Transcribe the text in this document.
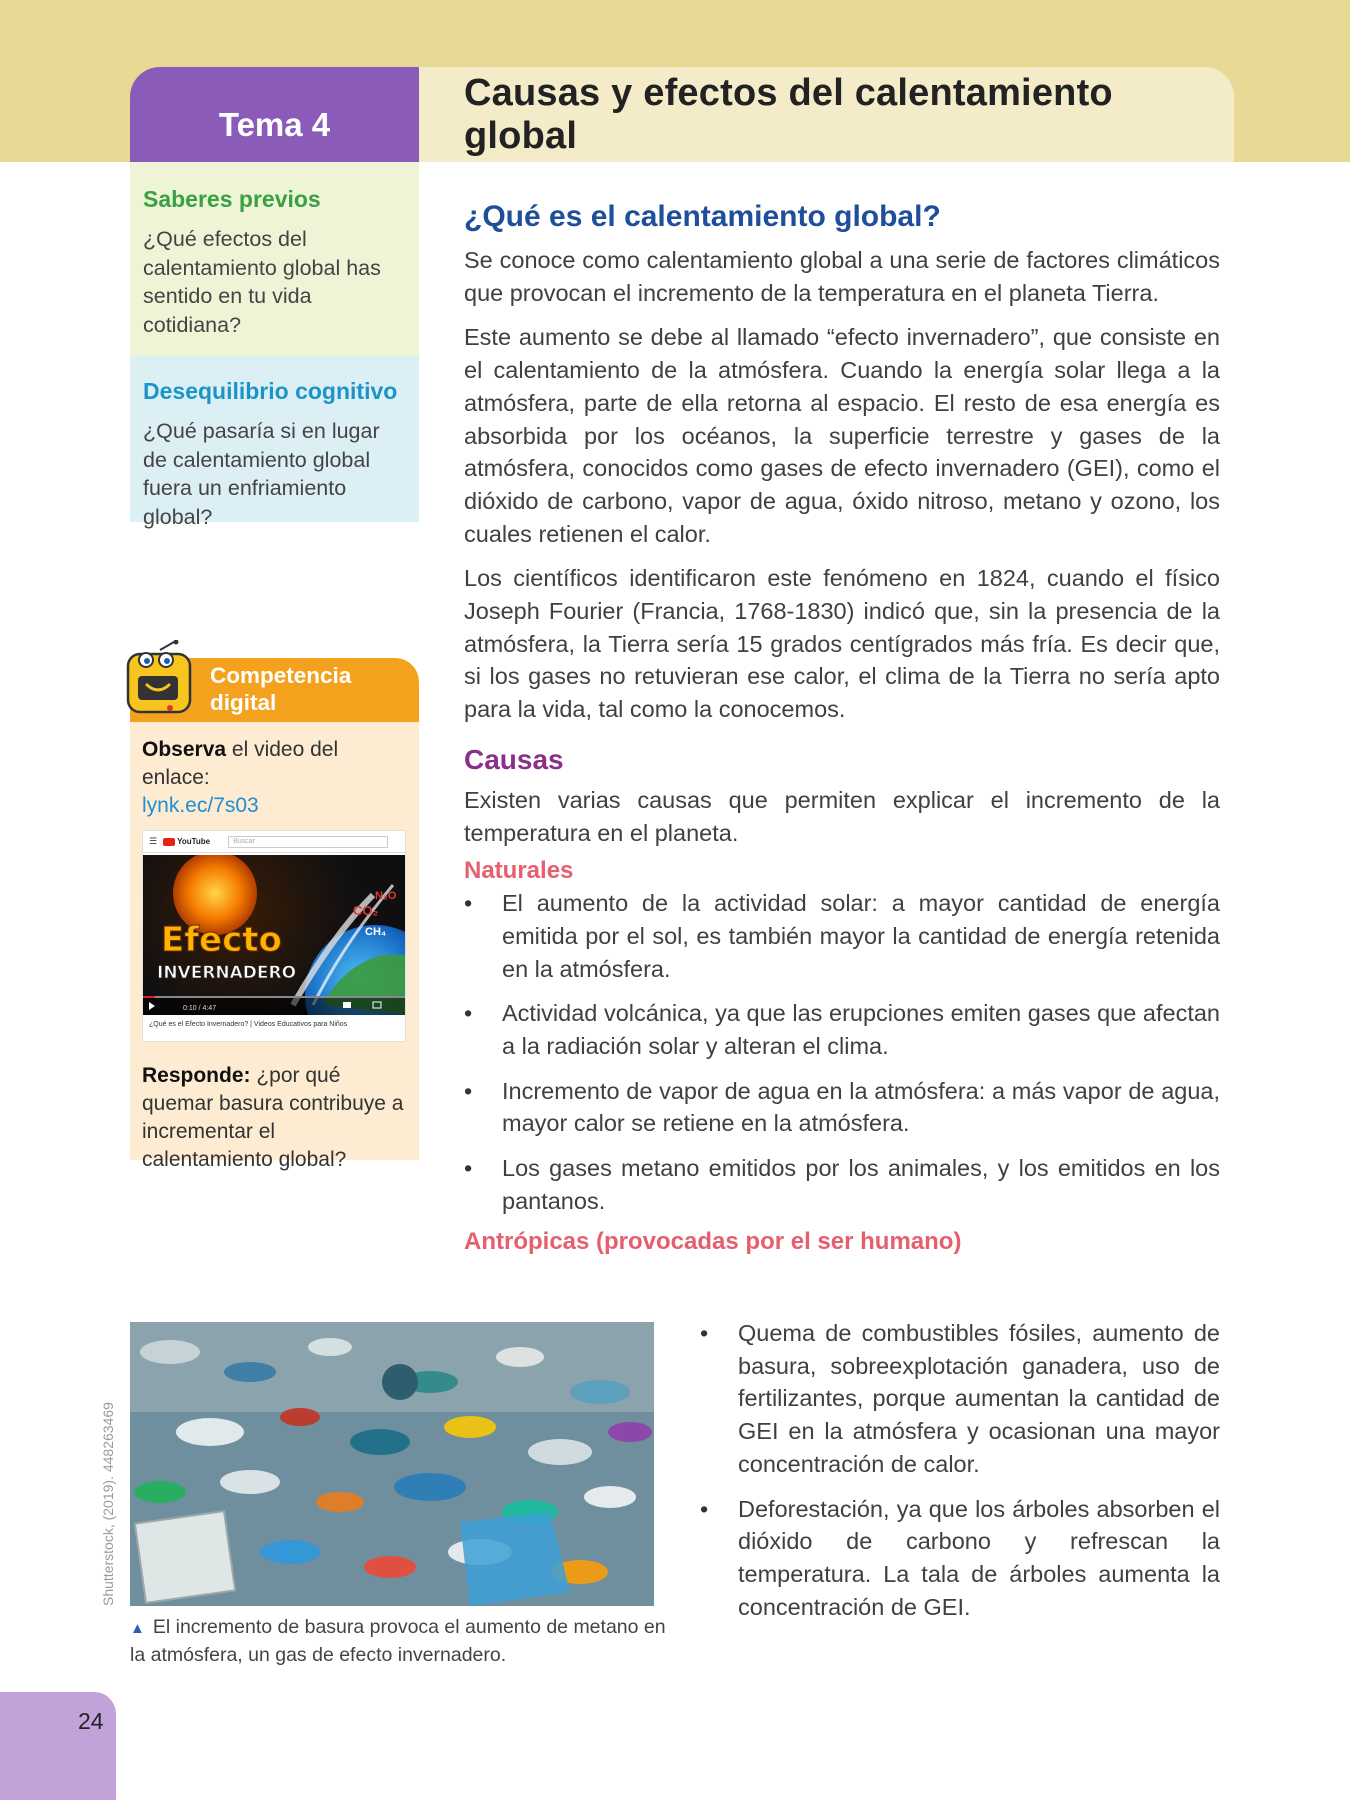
Tema 4
Causas y efectos del calentamiento global
Saberes previos

¿Qué efectos del calentamiento global has sentido en tu vida cotidiana?

Desequilibrio cognitivo

¿Qué pasaría si en lugar de calentamiento global fuera un enfriamiento global?

Competencia
digital

Observa el video del enlace:
lynk.ec/7s03

☰	YouTube	Buscar
CO₂
N₂O
CH₄
Efecto
INVERNADERO
0:10 / 4:47
¿Qué es el Efecto Invernadero? | Videos Educativos para Niños

Responde: ¿por qué quemar basura contribuye a incrementar el calentamiento global?

¿Qué es el calentamiento global?

Se conoce como calentamiento global a una serie de factores climáticos que provocan el incremento de la temperatura en el planeta Tierra.

Este aumento se debe al llamado “efecto invernadero”, que consiste en el calentamiento de la atmósfera. Cuando la energía solar llega a la atmósfera, parte de ella retorna al espacio. El resto de esa energía es absorbida por los océanos, la superficie terrestre y gases de la atmósfera, conocidos como gases de efecto invernadero (GEI), como el dióxido de carbono, vapor de agua, óxido nitroso, metano y ozono, los cuales retienen el calor.

Los científicos identificaron este fenómeno en 1824, cuando el físico Joseph Fourier (Francia, 1768-1830) indicó que, sin la presencia de la atmósfera, la Tierra sería 15 grados centígrados más fría. Es decir que, si los gases no retuvieran ese calor, el clima de la Tierra no sería apto para la vida, tal como la conocemos.

Causas

Existen varias causas que permiten explicar el incremento de la temperatura en el planeta.

Naturales
• El aumento de la actividad solar: a mayor cantidad de energía emitida por el sol, es también mayor la cantidad de energía retenida en la atmósfera.
• Actividad volcánica, ya que las erupciones emiten gases que afectan a la radiación solar y alteran el clima.
• Incremento de vapor de agua en la atmósfera: a más vapor de agua, mayor calor se retiene en la atmósfera.
• Los gases metano emitidos por los animales, y los emitidos en los pantanos.
Antrópicas (provocadas por el ser humano)
• Quema de combustibles fósiles, aumento de basura, sobreexplotación ganadera, uso de fertilizantes, porque aumentan la cantidad de GEI en la atmósfera y ocasionan una mayor concentración de calor.
• Deforestación, ya que los árboles absorben el dióxido de carbono y refrescan la temperatura. La tala de árboles aumenta la concentración de GEI.
Shutterstock, (2019). 448263469
▲ El incremento de basura provoca el aumento de metano en la atmósfera, un gas de efecto invernadero.
24
